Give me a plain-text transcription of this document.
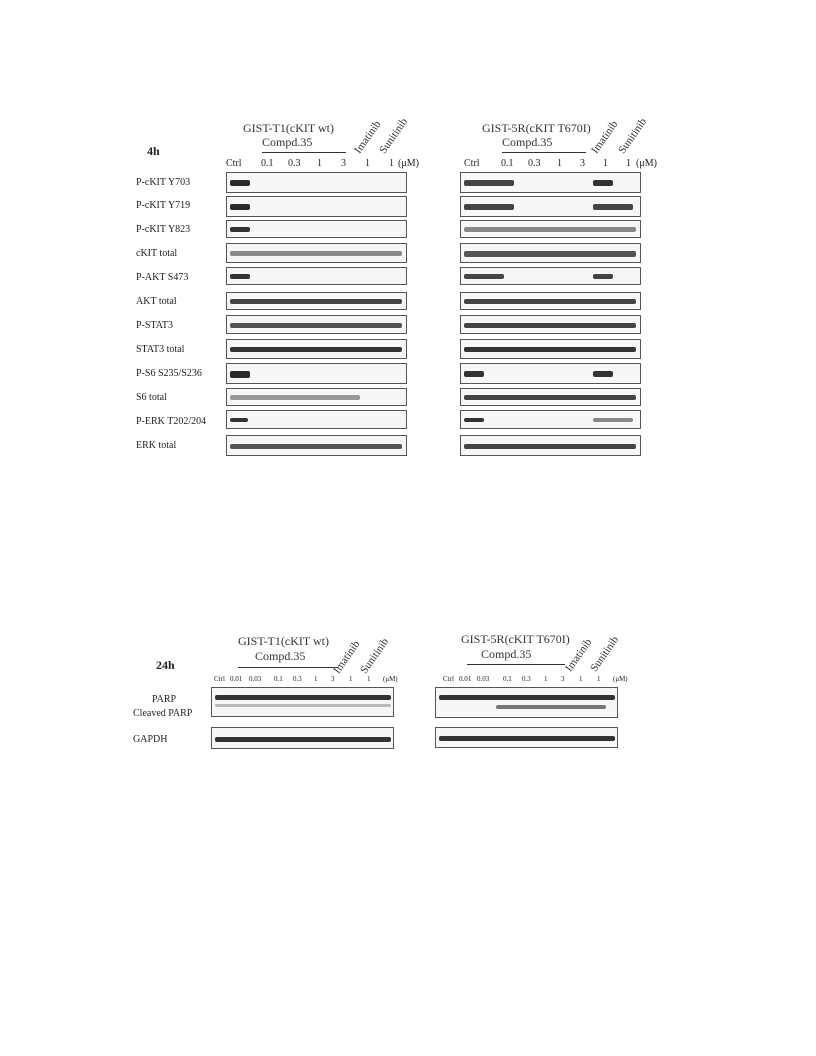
4h
GIST-T1(cKIT wt)
Compd.35	Imatinib
Sunitinib
Ctrl 0.1 0.3 1 3 1 1 (μM)
GIST-5R(cKIT T670I)
Compd.35	Imatinib
Sunitinib
Ctrl 0.1 0.3 1 3 1 1 (μM)
P-cKIT Y703
P-cKIT Y719
P-cKIT Y823
cKIT total
P-AKT S473
AKT total
P-STAT3
STAT3 total
P-S6 S235/S236
S6 total
P-ERK T202/204
ERK total
24h
GIST-T1(cKIT wt)
Compd.35 Imatinib
Sunitinib
Ctrl 0.01 0.03 0.1 0.3 1 3 1 1 (μM)
GIST-5R(cKIT T670I)
Compd.35	Imatinib
Sunitinib
Ctrl 0.01 0.03 0.1 0.3 1 3 1 1 (μM)
PARP
Cleaved PARP
GAPDH
